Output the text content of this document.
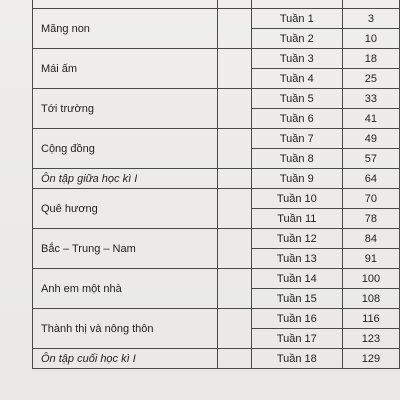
Măng non		Tuần 1	3
		Tuần 2	10
Mái ấm		Tuần 3	18
		Tuần 4	25
Tới trường		Tuần 5	33
		Tuần 6	41
Cộng đồng		Tuần 7	49
		Tuần 8	57
Ôn tập giữa học kì I		Tuần 9	64
Quê hương		Tuần 10	70
		Tuần 11	78
Bắc – Trung – Nam		Tuần 12	84
		Tuần 13	91
Anh em một nhà		Tuần 14	100
		Tuần 15	108
Thành thị và nông thôn		Tuần 16	116
		Tuần 17	123
Ôn tập cuối học kì I		Tuần 18	129
